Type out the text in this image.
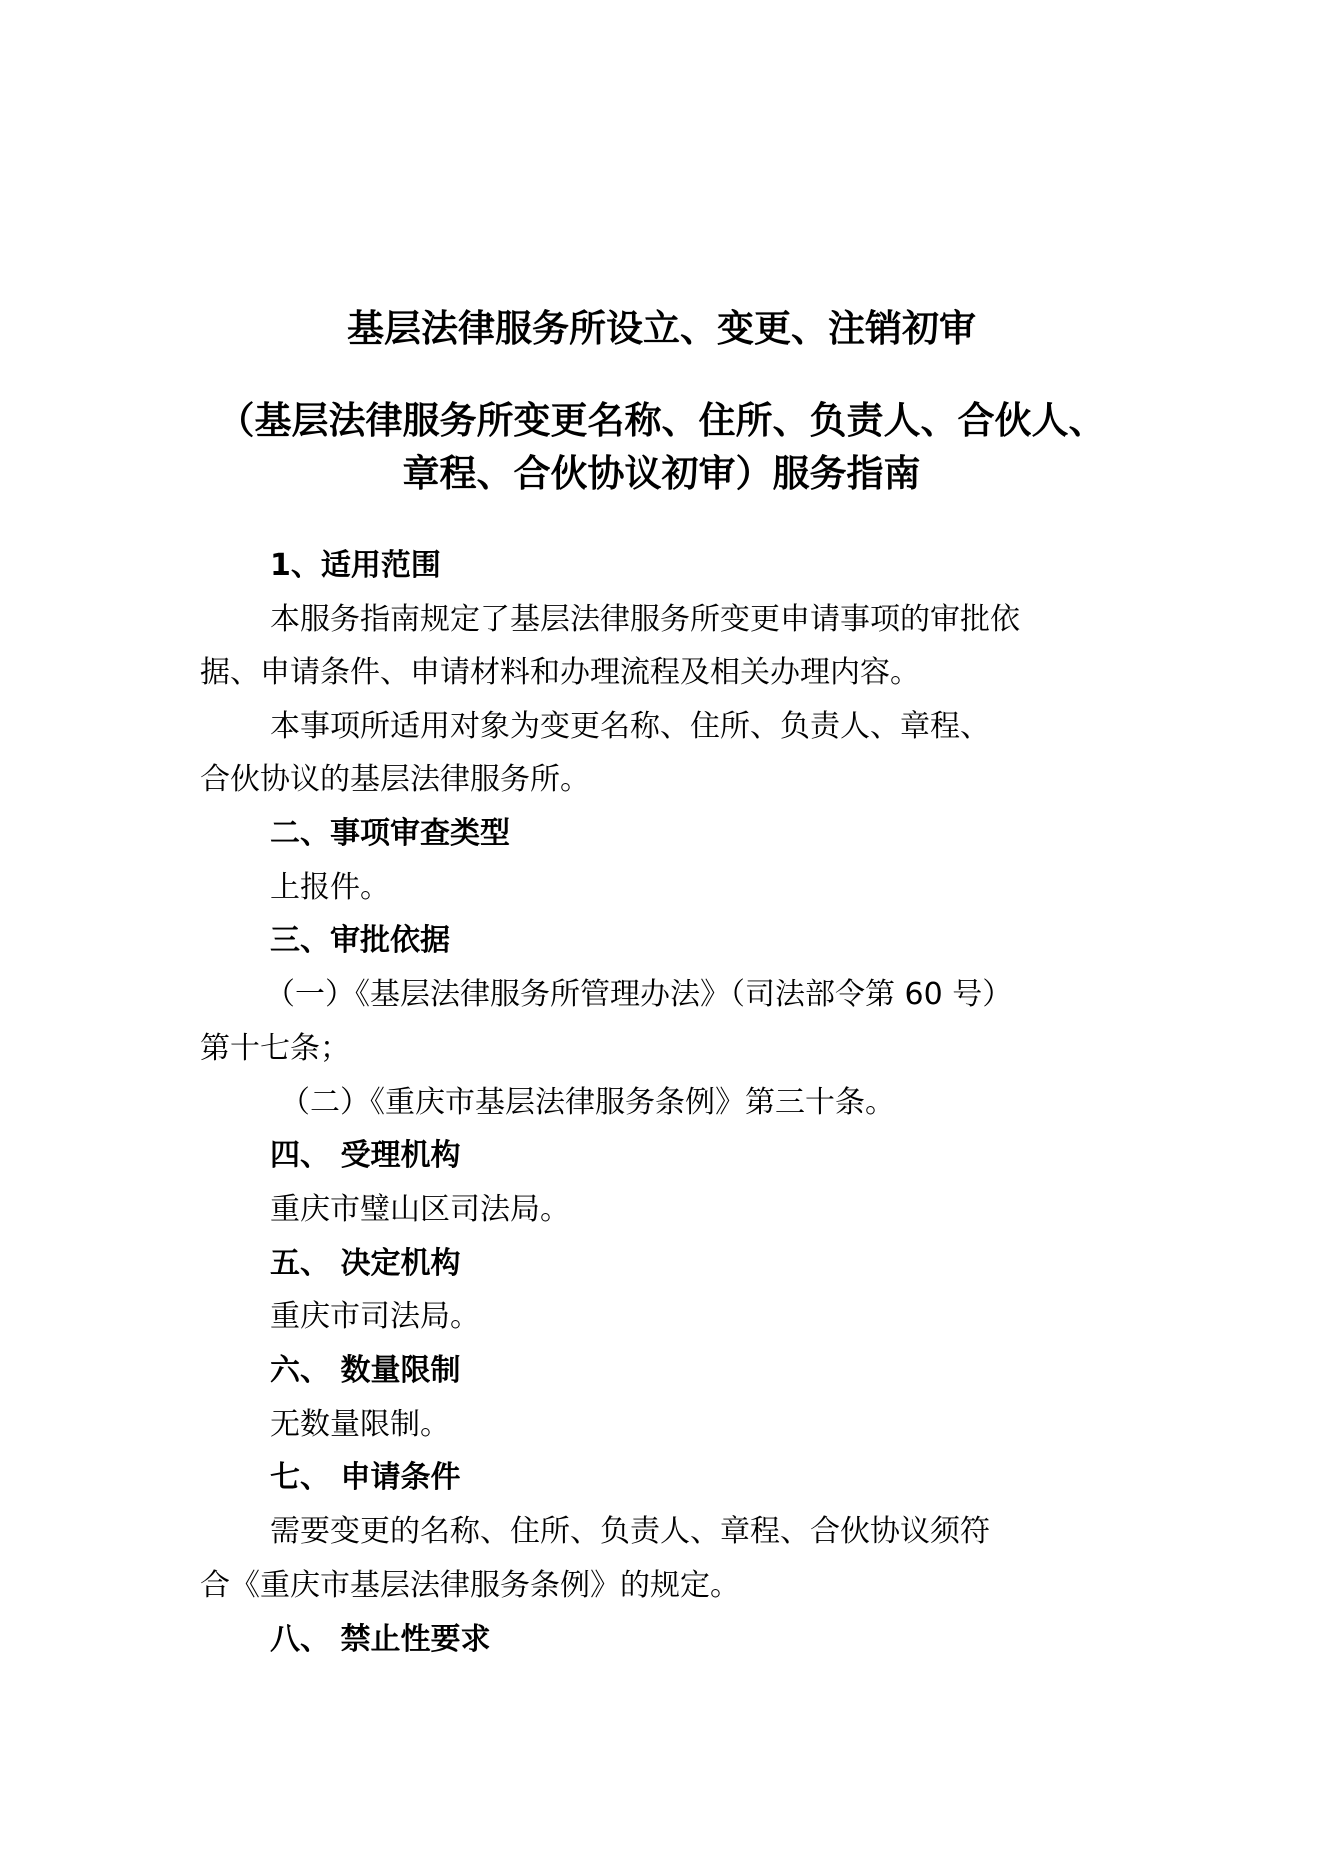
基层法律服务所设立、变更、注销初审
（基层法律服务所变更名称、住所、负责人、合伙人、
章程、合伙协议初审）服务指南
1、适用范围
本服务指南规定了基层法律服务所变更申请事项的审批依
据、申请条件、申请材料和办理流程及相关办理内容。
本事项所适用对象为变更名称、住所、负责人、章程、
合伙协议的基层法律服务所。
二、事项审查类型
上报件。
三、审批依据
（一）《基层法律服务所管理办法》（司法部令第 60 号）
第十七条；
（二）《重庆市基层法律服务条例》第三十条。
四、 受理机构
重庆市璧山区司法局。
五、 决定机构
重庆市司法局。
六、 数量限制
无数量限制。
七、 申请条件
需要变更的名称、住所、负责人、章程、合伙协议须符
合《重庆市基层法律服务条例》的规定。
八、 禁止性要求
